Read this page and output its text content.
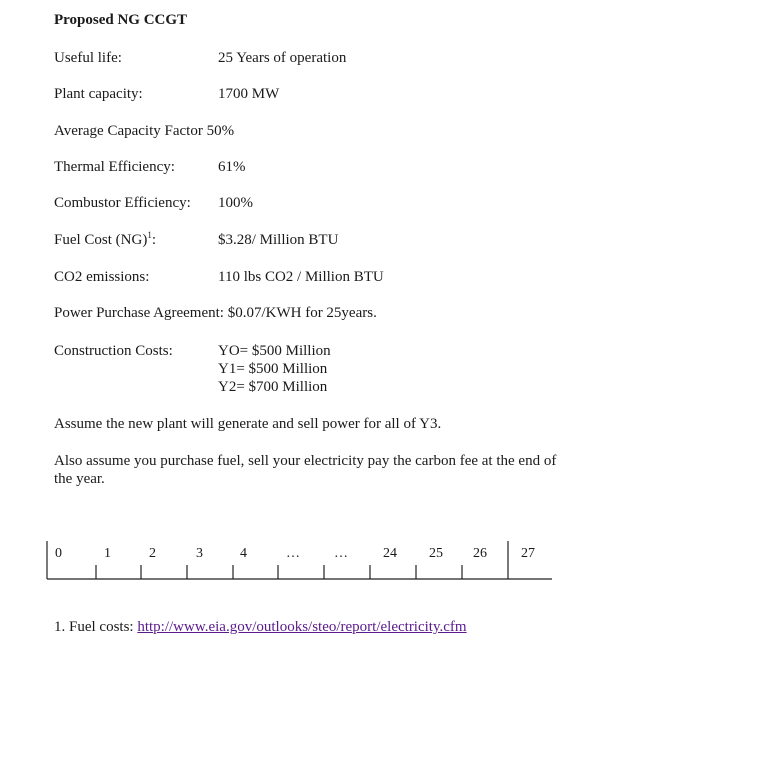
Proposed NG CCGT
Useful life:	25 Years of operation
Plant capacity:	1700 MW
Average Capacity Factor 50%
Thermal Efficiency:	61%
Combustor Efficiency: 100%
Fuel Cost (NG)$^1$:	$3.28/ Million BTU
CO2 emissions:	110 lbs CO2 / Million BTU
Power Purchase Agreement: $0.07/KWH for 25years.
Construction Costs:	YO= $500 Million
Y1= $500 Million
Y2= $700 Million
Assume the new plant will generate and sell power for all of Y3.
Also assume you purchase fuel, sell your electricity pay the carbon fee at the end of the year.
0	1	2	3	4	… …	24 25 26 27
1. Fuel costs: http://www.eia.gov/outlooks/steo/report/electricity.cfm
